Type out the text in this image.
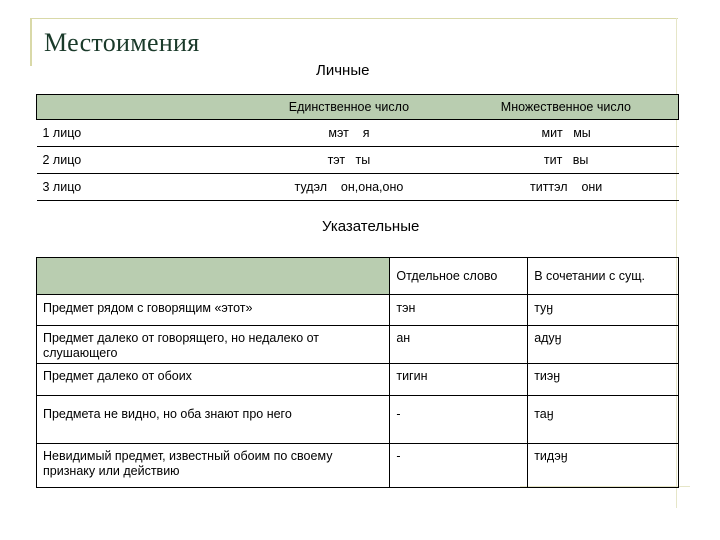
Местоимения
Личные
	Единственное число	Множественное число
1 лицо	мэт    я	мит   мы
2 лицо	тэт   ты	тит   вы
3 лицо	тудэл    он,она,оно	титтэл    они
Указательные
	Отдельное слово	В сочетании с сущ.
Предмет рядом с говорящим «этот»	тэн	туӈ
Предмет далеко от говорящего, но недалеко от слушающего	ан	адуӈ
Предмет далеко от обоих	тигин	тиэӈ
Предмета не видно, но оба знают про него	-	таӈ
Невидимый предмет, известный обоим по своему признаку или действию	-	тидэӈ
